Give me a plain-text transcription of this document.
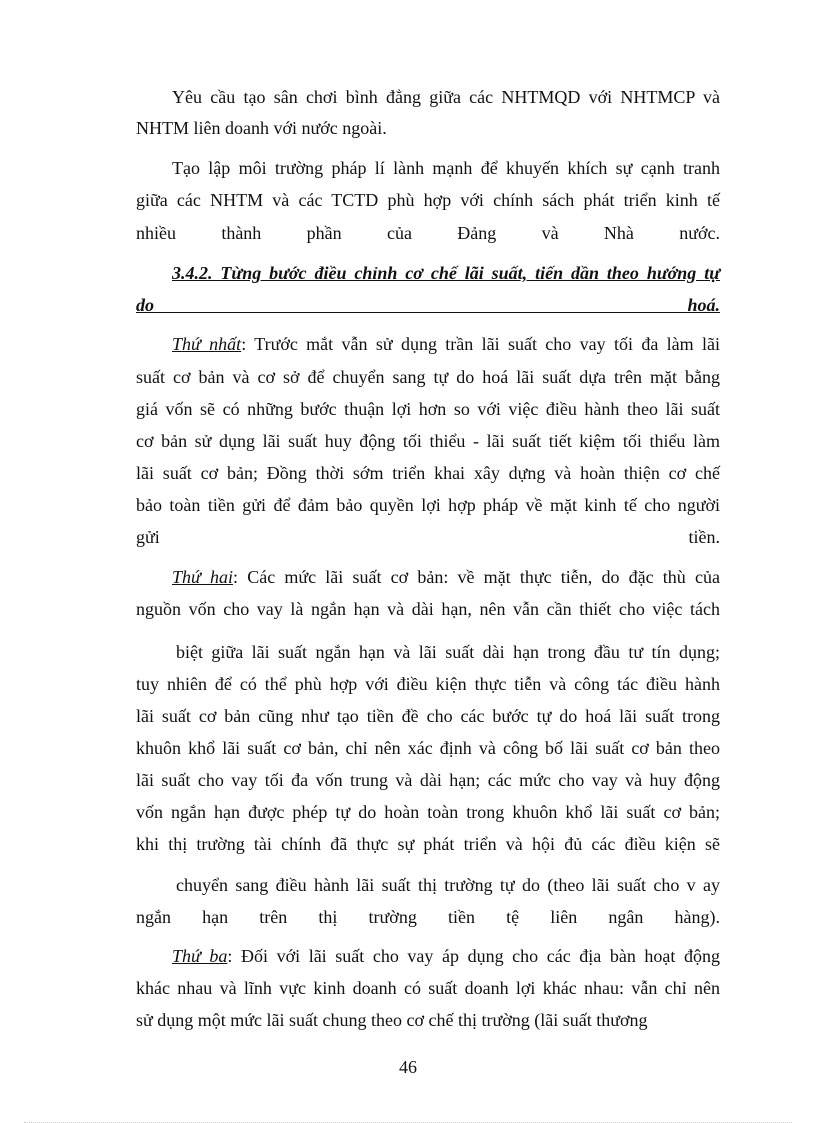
Yêu cầu tạo sân chơi bình đẳng giữa các NHTMQD với NHTMCP và
NHTM liên doanh với nước ngoài.
Tạo lập môi trường pháp lí lành mạnh để khuyến khích sự cạnh tranh
giữa các NHTM và các TCTD phù hợp với chính sách phát triển kinh tế
nhiều thành phần của Đảng và Nhà nước.
3.4.2. Từng bước điều chỉnh cơ chế lãi suất, tiến dần theo hướng tự
do hoá.
Thứ nhất: Trước mắt vẫn sử dụng trần lãi suất cho vay tối đa làm lãi
suất cơ bản và cơ sở để chuyển sang tự do hoá lãi suất dựa trên mặt bằng
giá vốn sẽ có những bước thuận lợi hơn so với việc điều hành theo lãi suất
cơ bản sử dụng lãi suất huy động tối thiểu - lãi suất tiết kiệm tối thiểu làm
lãi suất cơ bản; Đồng thời sớm triển khai xây dựng và hoàn thiện cơ chế
bảo toàn tiền gửi để đảm bảo quyền lợi hợp pháp về mặt kinh tế cho người
gửi tiền.
Thứ hai: Các mức lãi suất cơ bản: về mặt thực tiễn, do đặc thù của
nguồn vốn cho vay là ngắn hạn và dài hạn, nên vẫn cần thiết cho việc tách
biệt giữa lãi suất ngắn hạn và lãi suất dài hạn trong đầu tư tín dụng;
tuy nhiên để có thể phù hợp với điều kiện thực tiễn và công tác điều hành
lãi suất cơ bản cũng như tạo tiền đề cho các bước tự do hoá lãi suất trong
khuôn khổ lãi suất cơ bản, chỉ nên xác định và công bố lãi suất cơ bản theo
lãi suất cho vay tối đa vốn trung và dài hạn; các mức cho vay và huy động
vốn ngắn hạn được phép tự do hoàn toàn trong khuôn khổ lãi suất cơ bản;
khi thị trường tài chính đã thực sự phát triển và hội đủ các điều kiện sẽ
chuyển sang điều hành lãi suất thị trường tự do (theo lãi suất cho v ay
ngắn hạn trên thị trường tiền tệ liên ngân hàng).
Thứ ba: Đối với lãi suất cho vay áp dụng cho các địa bàn hoạt động
khác nhau và lĩnh vực kinh doanh có suất doanh lợi khác nhau: vẫn chỉ nên
sử dụng một mức lãi suất chung theo cơ chế thị trường (lãi suất thương
46
